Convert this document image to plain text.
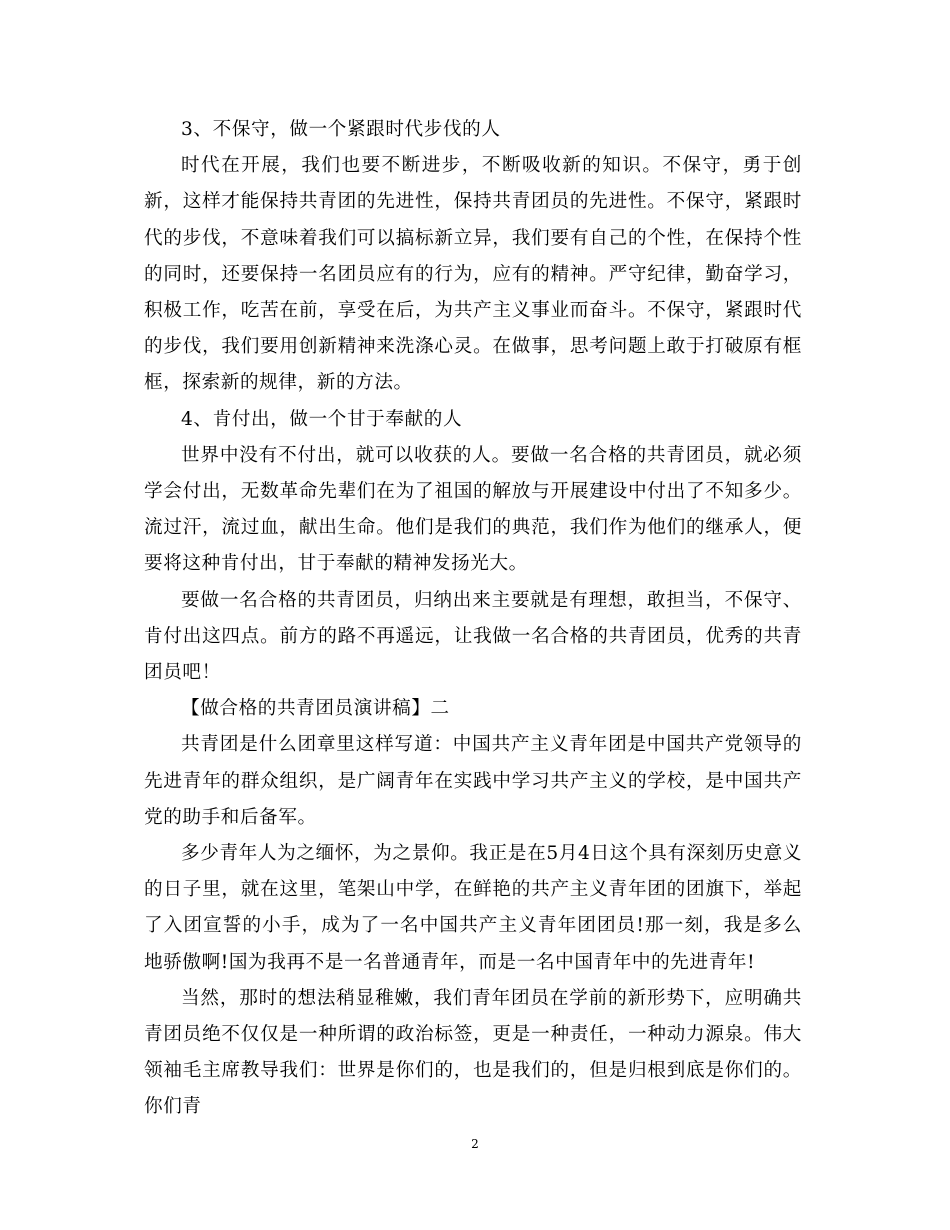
3、不保守，做一个紧跟时代步伐的人

时代在开展，我们也要不断进步，不断吸收新的知识。不保守，勇于创新，这样才能保持共青团的先进性，保持共青团员的先进性。不保守，紧跟时代的步伐，不意味着我们可以搞标新立异，我们要有自己的个性，在保持个性的同时，还要保持一名团员应有的行为，应有的精神。严守纪律，勤奋学习，积极工作，吃苦在前，享受在后，为共产主义事业而奋斗。不保守，紧跟时代的步伐，我们要用创新精神来洗涤心灵。在做事，思考问题上敢于打破原有框框，探索新的规律，新的方法。

4、肯付出，做一个甘于奉献的人

世界中没有不付出，就可以收获的人。要做一名合格的共青团员，就必须学会付出，无数革命先辈们在为了祖国的解放与开展建设中付出了不知多少。流过汗，流过血，献出生命。他们是我们的典范，我们作为他们的继承人，便要将这种肯付出，甘于奉献的精神发扬光大。

要做一名合格的共青团员，归纳出来主要就是有理想，敢担当，不保守、肯付出这四点。前方的路不再遥远，让我做一名合格的共青团员，优秀的共青团员吧！

【做合格的共青团员演讲稿】二

共青团是什么团章里这样写道：中国共产主义青年团是中国共产党领导的先进青年的群众组织，是广阔青年在实践中学习共产主义的学校，是中国共产党的助手和后备军。

多少青年人为之缅怀，为之景仰。我正是在5月4日这个具有深刻历史意义的日子里，就在这里，笔架山中学，在鲜艳的共产主义青年团的团旗下，举起了入团宣誓的小手，成为了一名中国共产主义青年团团员!那一刻，我是多么地骄傲啊!国为我再不是一名普通青年，而是一名中国青年中的先进青年!

当然，那时的想法稍显稚嫩，我们青年团员在学前的新形势下，应明确共青团员绝不仅仅是一种所谓的政治标签，更是一种责任，一种动力源泉。伟大领袖毛主席教导我们：世界是你们的，也是我们的，但是归根到底是你们的。你们青

2
